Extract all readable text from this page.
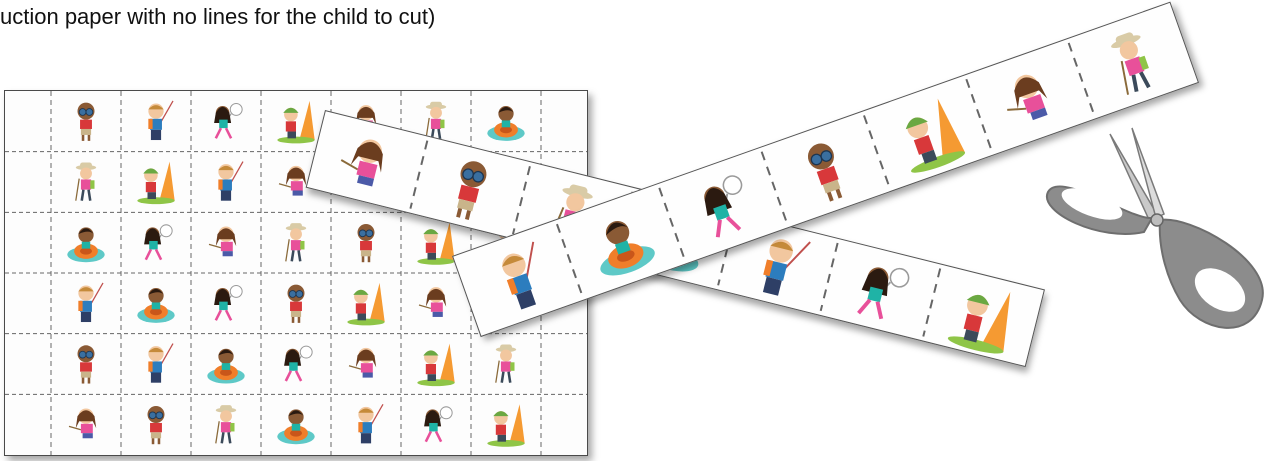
uction paper with no lines for the child to cut)
